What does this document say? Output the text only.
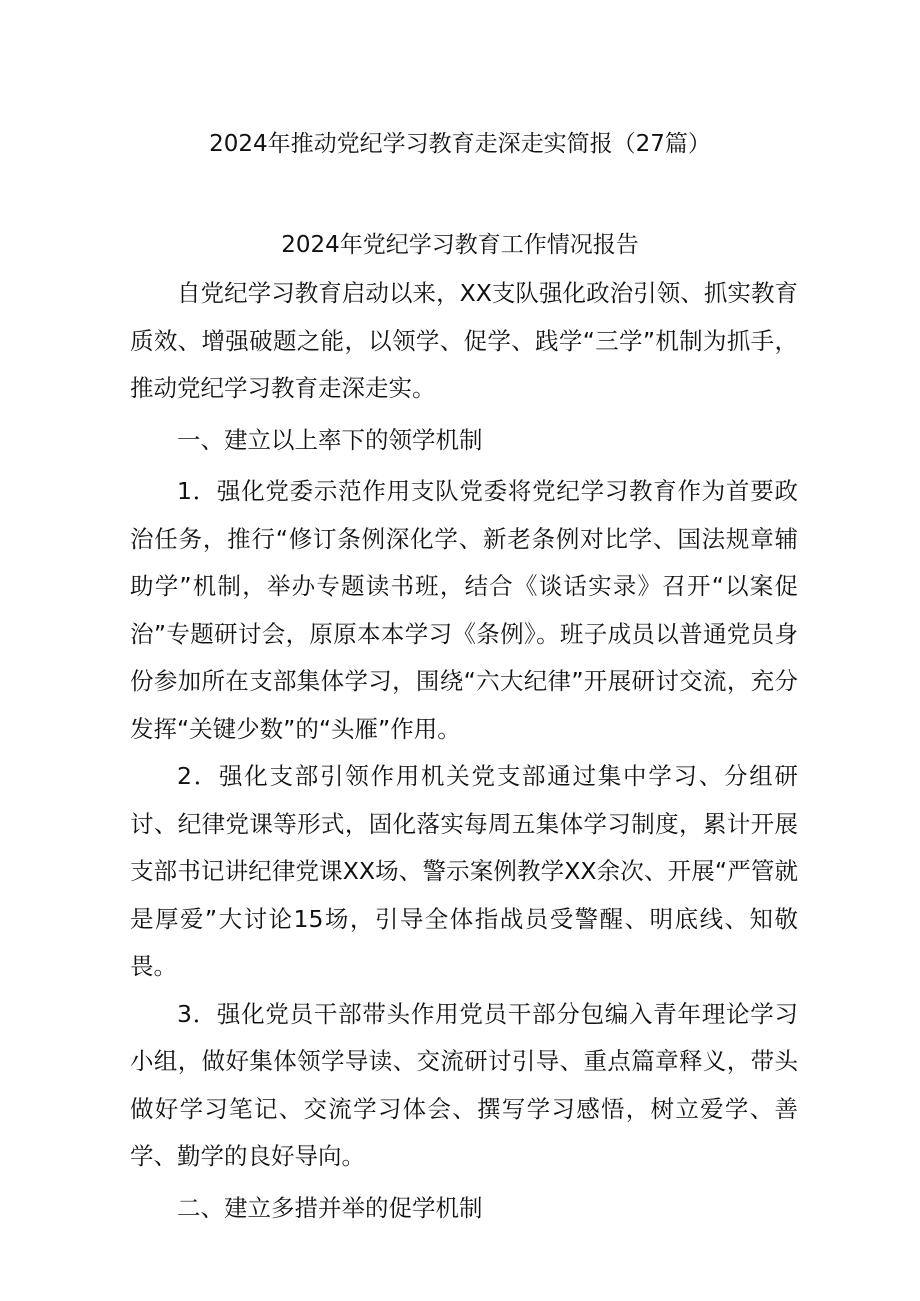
2024年推动党纪学习教育走深走实简报（27篇）
2024年党纪学习教育工作情况报告

自党纪学习教育启动以来，XX支队强化政治引领、抓实教育质效、增强破题之能，以领学、促学、践学“三学”机制为抓手，推动党纪学习教育走深走实。

一、建立以上率下的领学机制

1．强化党委示范作用支队党委将党纪学习教育作为首要政治任务，推行“修订条例深化学、新老条例对比学、国法规章辅助学”机制，举办专题读书班，结合《谈话实录》召开“以案促治”专题研讨会，原原本本学习《条例》。班子成员以普通党员身份参加所在支部集体学习，围绕“六大纪律”开展研讨交流，充分发挥“关键少数”的“头雁”作用。

2．强化支部引领作用机关党支部通过集中学习、分组研讨、纪律党课等形式，固化落实每周五集体学习制度，累计开展支部书记讲纪律党课XX场、警示案例教学XX余次、开展“严管就是厚爱”大讨论15场，引导全体指战员受警醒、明底线、知敬畏。

3．强化党员干部带头作用党员干部分包编入青年理论学习小组，做好集体领学导读、交流研讨引导、重点篇章释义，带头做好学习笔记、交流学习体会、撰写学习感悟，树立爱学、善学、勤学的良好导向。

二、建立多措并举的促学机制
